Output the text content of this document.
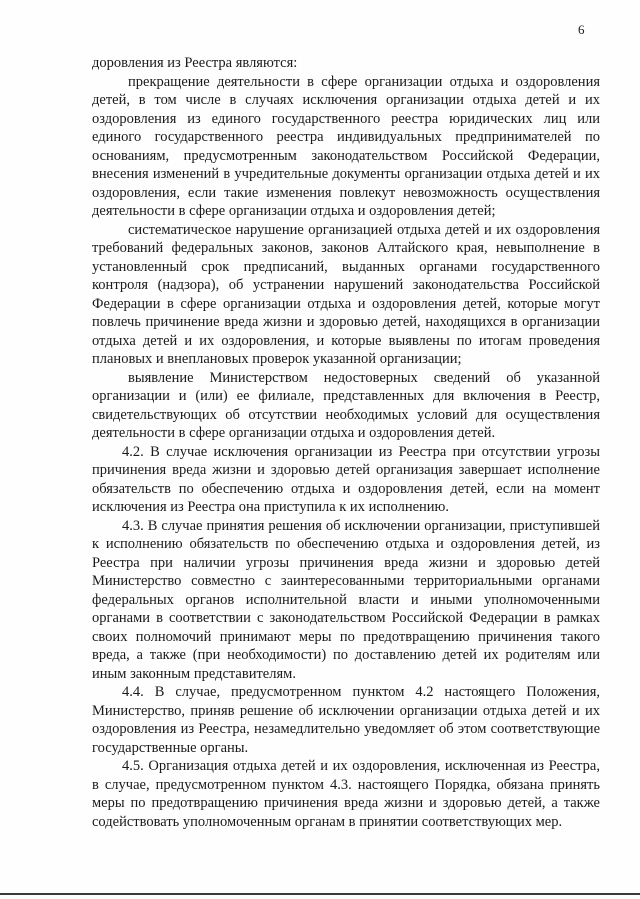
6

доровления из Реестра являются:

прекращение деятельности в сфере организации отдыха и оздоровления детей, в том числе в случаях исключения организации отдыха детей и их оздоровления из единого государственного реестра юридических лиц или единого государственного реестра индивидуальных предпринимателей по основаниям, предусмотренным законодательством Российской Федерации, внесения изменений в учредительные документы организации отдыха детей и их оздоровления, если такие изменения повлекут невозможность осуществления деятельности в сфере организации отдыха и оздоровления детей;

систематическое нарушение организацией отдыха детей и их оздоровления требований федеральных законов, законов Алтайского края, невыполнение в установленный срок предписаний, выданных органами государственного контроля (надзора), об устранении нарушений законодательства Российской Федерации в сфере организации отдыха и оздоровления детей, которые могут повлечь причинение вреда жизни и здоровью детей, находящихся в организации отдыха детей и их оздоровления, и которые выявлены по итогам проведения плановых и внеплановых проверок указанной организации;

выявление Министерством недостоверных сведений об указанной организации и (или) ее филиале, представленных для включения в Реестр, свидетельствующих об отсутствии необходимых условий для осуществления деятельности в сфере организации отдыха и оздоровления детей.

4.2. В случае исключения организации из Реестра при отсутствии угрозы причинения вреда жизни и здоровью детей организация завершает исполнение обязательств по обеспечению отдыха и оздоровления детей, если на момент исключения из Реестра она приступила к их исполнению.

4.3. В случае принятия решения об исключении организации, приступившей к исполнению обязательств по обеспечению отдыха и оздоровления детей, из Реестра при наличии угрозы причинения вреда жизни и здоровью детей Министерство совместно с заинтересованными территориальными органами федеральных органов исполнительной власти и иными уполномоченными органами в соответствии с законодательством Российской Федерации в рамках своих полномочий принимают меры по предотвращению причинения такого вреда, а также (при необходимости) по доставлению детей их родителям или иным законным представителям.

4.4. В случае, предусмотренном пунктом 4.2 настоящего Положения, Министерство, приняв решение об исключении организации отдыха детей и их оздоровления из Реестра, незамедлительно уведомляет об этом соответствующие государственные органы.

4.5. Организация отдыха детей и их оздоровления, исключенная из Реестра, в случае, предусмотренном пунктом 4.3. настоящего Порядка, обязана принять меры по предотвращению причинения вреда жизни и здоровью детей, а также содействовать уполномоченным органам в принятии соответствующих мер.
